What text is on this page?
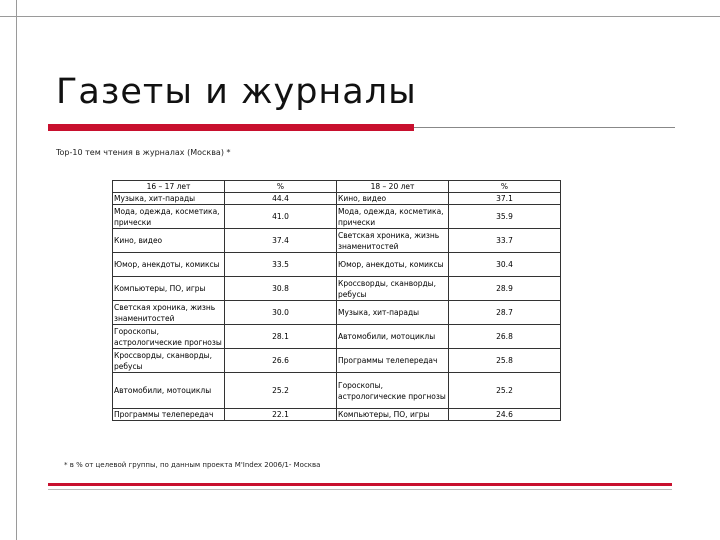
Газеты и журналы
Top-10 тем чтения в журналах (Москва) *
16 – 17 лет	%	18 – 20 лет	%
Музыка, хит-парады	44.4	Кино, видео	37.1
Мода, одежда, косметика, прически	41.0	Мода, одежда, косметика, прически	35.9
Кино, видео	37.4	Светская хроника, жизнь знаменитостей	33.7
Юмор, анекдоты, комиксы	33.5	Юмор, анекдоты, комиксы	30.4
Компьютеры, ПО, игры	30.8	Кроссворды, сканворды, ребусы	28.9
Светская хроника, жизнь знаменитостей	30.0	Музыка, хит-парады	28.7
Гороскопы, астрологические прогнозы	28.1	Автомобили, мотоциклы	26.8
Кроссворды, сканворды, ребусы	26.6	Программы телепередач	25.8
Автомобили, мотоциклы	25.2	Гороскопы, астрологические прогнозы	25.2
Программы телепередач	22.1	Компьютеры, ПО, игры	24.6
* в % от целевой группы, по данным проекта M'Index 2006/1- Москва
